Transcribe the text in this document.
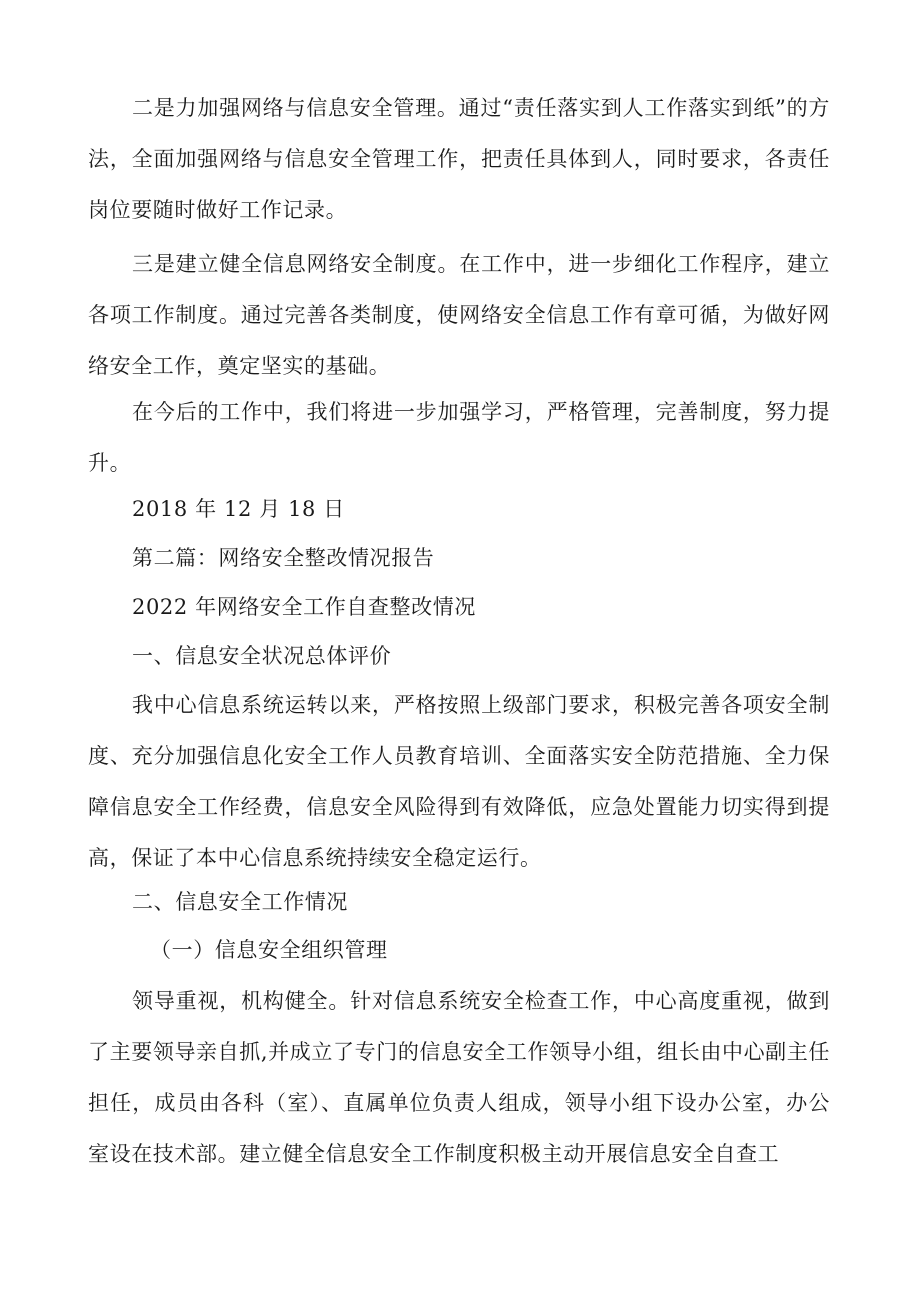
二是力加强网络与信息安全管理。通过“责任落实到人工作落实到纸”的方法，全面加强网络与信息安全管理工作，把责任具体到人，同时要求，各责任岗位要随时做好工作记录。

三是建立健全信息网络安全制度。在工作中，进一步细化工作程序，建立各项工作制度。通过完善各类制度，使网络安全信息工作有章可循，为做好网络安全工作，奠定坚实的基础。

在今后的工作中，我们将进一步加强学习，严格管理，完善制度，努力提升。

2018 年 12 月 18 日
第二篇：网络安全整改情况报告
2022 年网络安全工作自查整改情况
一、信息安全状况总体评价

我中心信息系统运转以来，严格按照上级部门要求，积极完善各项安全制度、充分加强信息化安全工作人员教育培训、全面落实安全防范措施、全力保障信息安全工作经费，信息安全风险得到有效降低，应急处置能力切实得到提高，保证了本中心信息系统持续安全稳定运行。

二、信息安全工作情况
（一）信息安全组织管理

领导重视，机构健全。针对信息系统安全检查工作，中心高度重视，做到了主要领导亲自抓,并成立了专门的信息安全工作领导小组，组长由中心副主任担任，成员由各科（室）、直属单位负责人组成，领导小组下设办公室，办公室设在技术部。建立健全信息安全工作制度积极主动开展信息安全自查工
